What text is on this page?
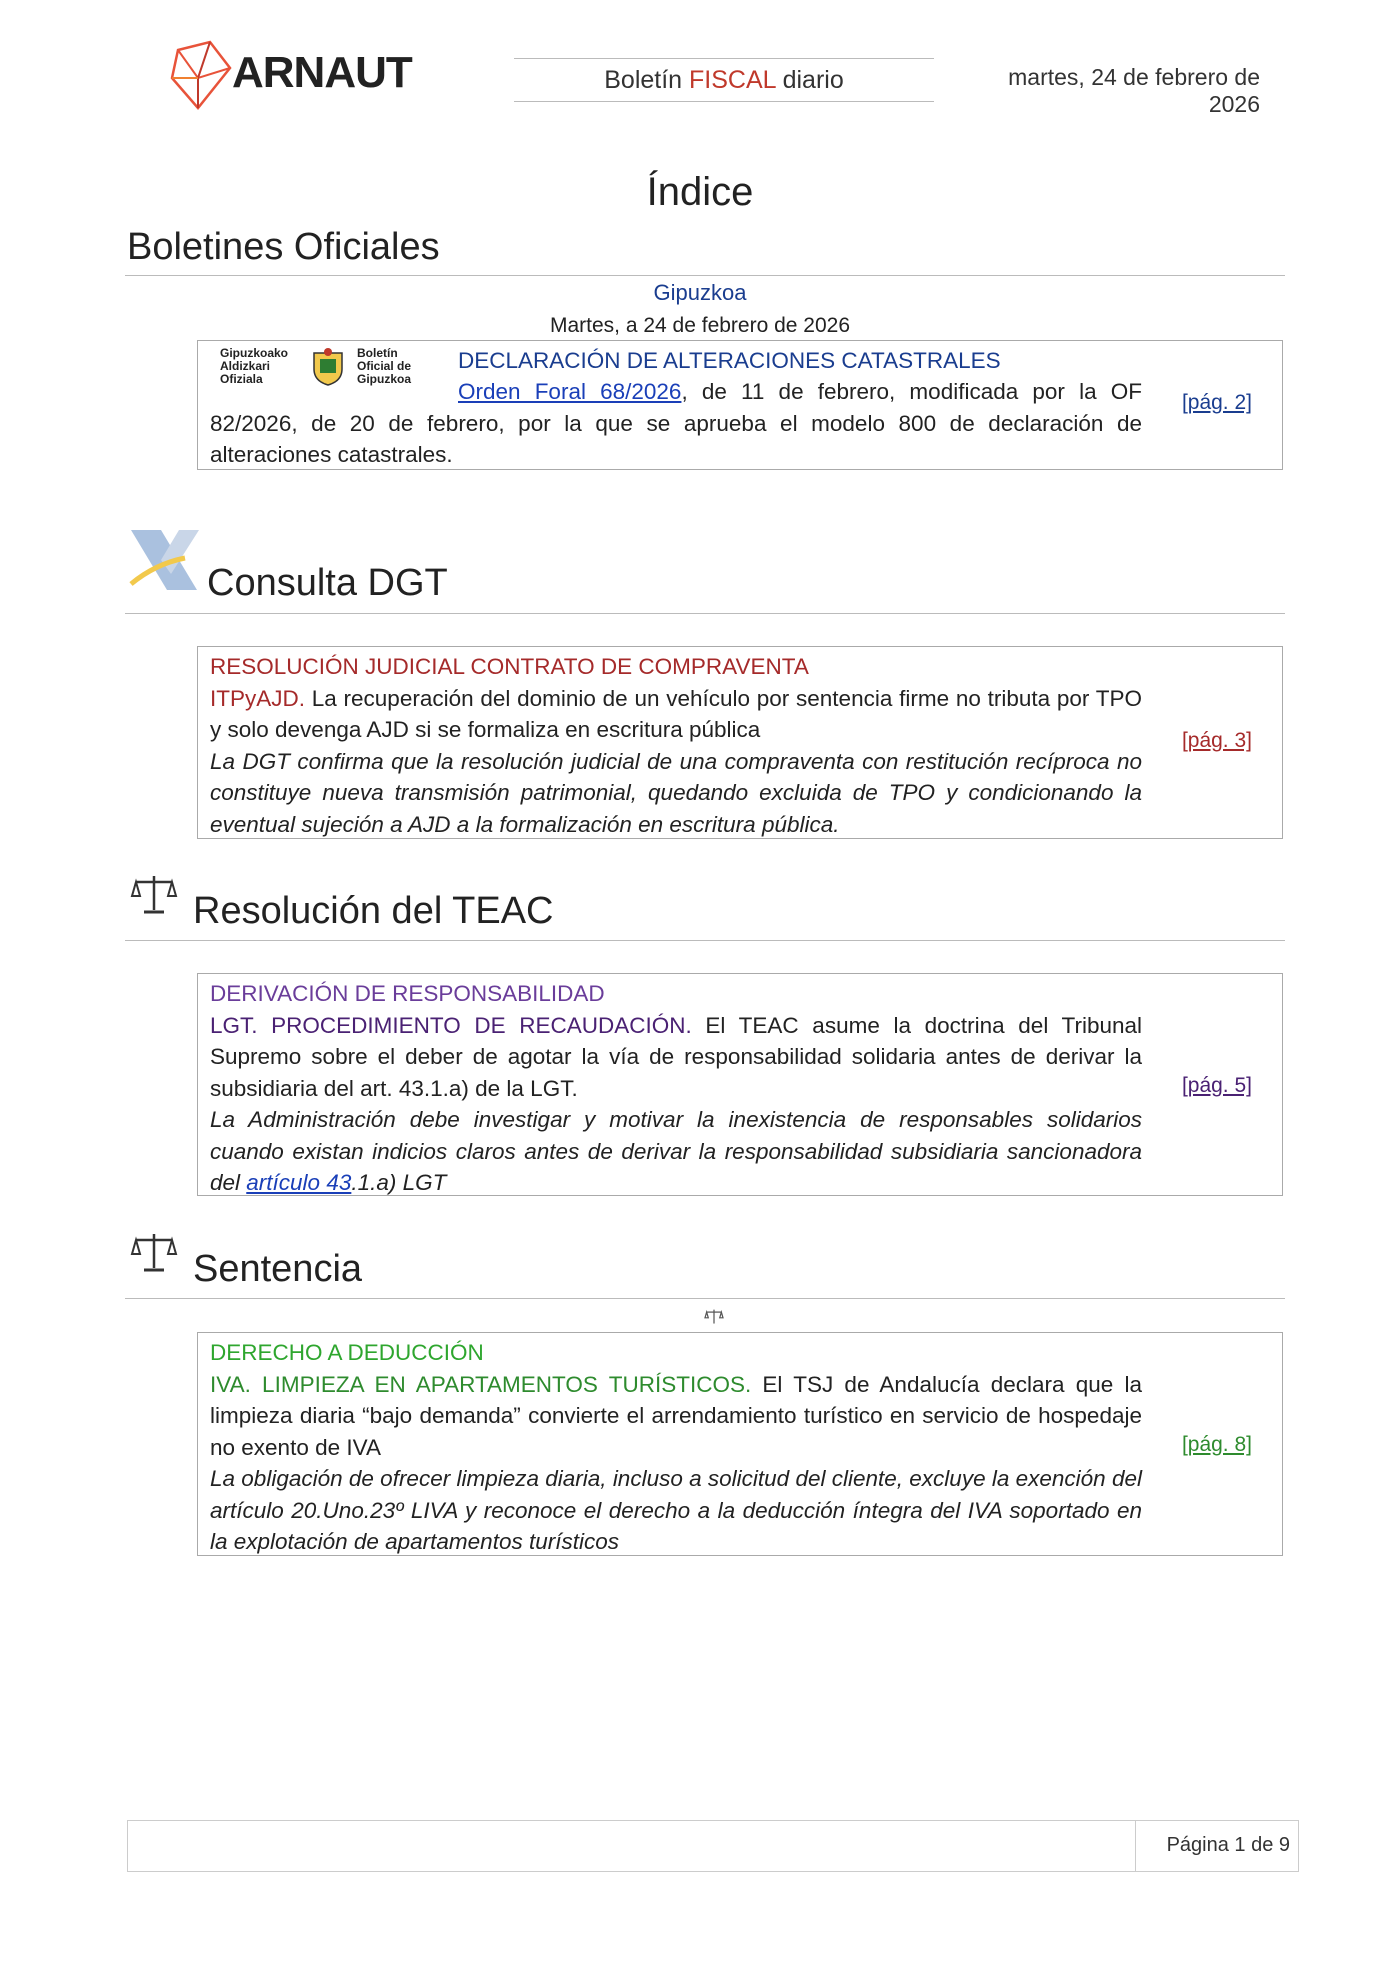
ARNAUT	Boletín FISCAL diario	martes, 24 de febrero de 2026
Índice
Boletines Oficiales
Gipuzkoa
Martes, a 24 de febrero de 2026
Gipuzkoako
Aldizkari
Ofiziala
Boletín
Oficial de
Gipuzkoa
DECLARACIÓN DE ALTERACIONES CATASTRALES
Orden Foral 68/2026, de 11 de febrero, modificada por la OF 82/2026, de 20 de febrero, por la que se aprueba el modelo 800 de declaración de alteraciones catastrales.
[pág. 2]
Consulta DGT
RESOLUCIÓN JUDICIAL CONTRATO DE COMPRAVENTA
ITPyAJD. La recuperación del dominio de un vehículo por sentencia firme no tributa por TPO y solo devenga AJD si se formaliza en escritura pública
La DGT confirma que la resolución judicial de una compraventa con restitución recíproca no constituye nueva transmisión patrimonial, quedando excluida de TPO y condicionando la eventual sujeción a AJD a la formalización en escritura pública.
[pág. 3]
Resolución del TEAC
DERIVACIÓN DE RESPONSABILIDAD
LGT. PROCEDIMIENTO DE RECAUDACIÓN. El TEAC asume la doctrina del Tribunal Supremo sobre el deber de agotar la vía de responsabilidad solidaria antes de derivar la subsidiaria del art. 43.1.a) de la LGT.
La Administración debe investigar y motivar la inexistencia de responsables solidarios cuando existan indicios claros antes de derivar la responsabilidad subsidiaria sancionadora del artículo 43.1.a) LGT
[pág. 5]
Sentencia
DERECHO A DEDUCCIÓN
IVA. LIMPIEZA EN APARTAMENTOS TURÍSTICOS. El TSJ de Andalucía declara que la limpieza diaria “bajo demanda” convierte el arrendamiento turístico en servicio de hospedaje no exento de IVA
La obligación de ofrecer limpieza diaria, incluso a solicitud del cliente, excluye la exención del artículo 20.Uno.23º LIVA y reconoce el derecho a la deducción íntegra del IVA soportado en la explotación de apartamentos turísticos
[pág. 8]
Página 1 de 9
